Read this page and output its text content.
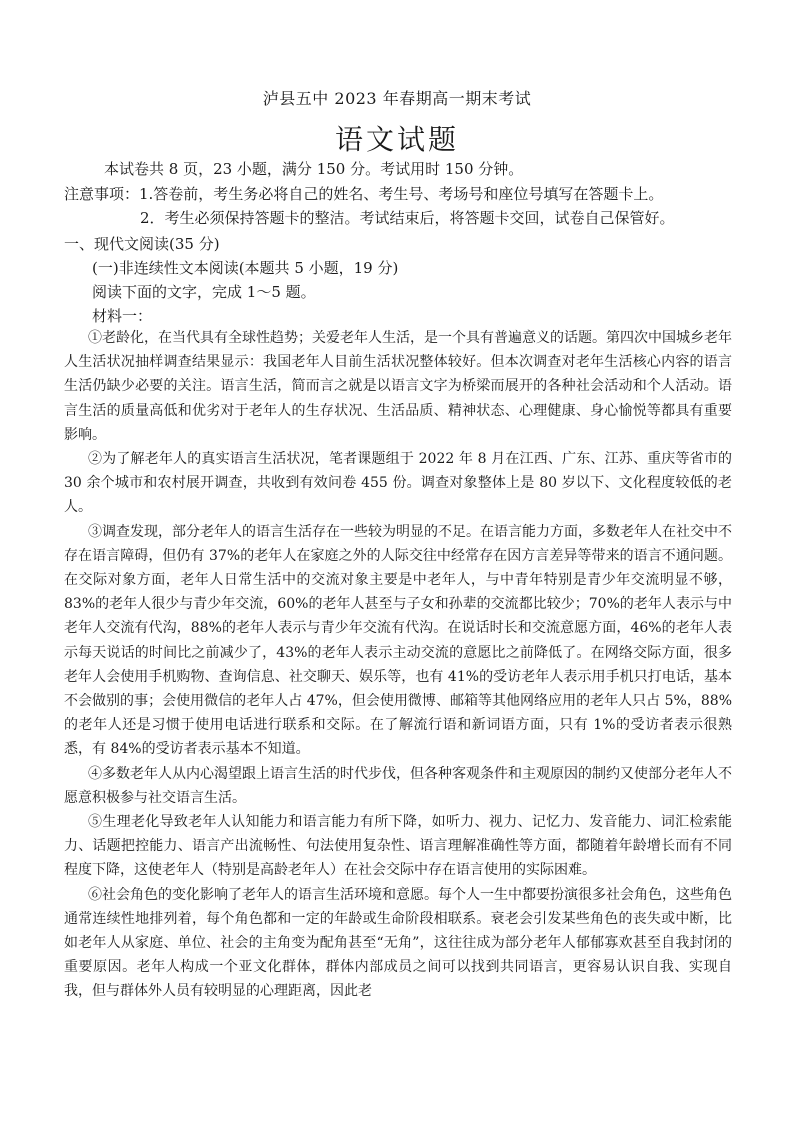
泸县五中 2023 年春期高一期末考试
语文试题
本试卷共 8 页，23 小题，满分 150 分。考试用时 150 分钟。
注意事项：1.答卷前，考生务必将自己的姓名、考生号、考场号和座位号填写在答题卡上。
2．考生必须保持答题卡的整洁。考试结束后，将答题卡交回，试卷自己保管好。
一、现代文阅读(35 分)
(一)非连续性文本阅读(本题共 5 小题，19 分)
阅读下面的文字，完成 1～5 题。
材料一：

①老龄化，在当代具有全球性趋势；关爱老年人生活，是一个具有普遍意义的话题。第四次中国城乡老年人生活状况抽样调查结果显示：我国老年人目前生活状况整体较好。但本次调查对老年生活核心内容的语言生活仍缺少必要的关注。语言生活，简而言之就是以语言文字为桥梁而展开的各种社会活动和个人活动。语言生活的质量高低和优劣对于老年人的生存状况、生活品质、精神状态、心理健康、身心愉悦等都具有重要影响。

②为了解老年人的真实语言生活状况，笔者课题组于 2022 年 8 月在江西、广东、江苏、重庆等省市的 30 余个城市和农村展开调查，共收到有效问卷 455 份。调查对象整体上是 80 岁以下、文化程度较低的老人。

③调查发现，部分老年人的语言生活存在一些较为明显的不足。在语言能力方面，多数老年人在社交中不存在语言障碍，但仍有 37%的老年人在家庭之外的人际交往中经常存在因方言差异等带来的语言不通问题。在交际对象方面，老年人日常生活中的交流对象主要是中老年人，与中青年特别是青少年交流明显不够，83%的老年人很少与青少年交流，60%的老年人甚至与子女和孙辈的交流都比较少；70%的老年人表示与中老年人交流有代沟，88%的老年人表示与青少年交流有代沟。在说话时长和交流意愿方面，46%的老年人表示每天说话的时间比之前减少了，43%的老年人表示主动交流的意愿比之前降低了。在网络交际方面，很多老年人会使用手机购物、查询信息、社交聊天、娱乐等，也有 41%的受访老年人表示用手机只打电话，基本不会做别的事；会使用微信的老年人占 47%，但会使用微博、邮箱等其他网络应用的老年人只占 5%，88%的老年人还是习惯于使用电话进行联系和交际。在了解流行语和新词语方面，只有 1%的受访者表示很熟悉，有 84%的受访者表示基本不知道。

④多数老年人从内心渴望跟上语言生活的时代步伐，但各种客观条件和主观原因的制约又使部分老年人不愿意积极参与社交语言生活。

⑤生理老化导致老年人认知能力和语言能力有所下降，如听力、视力、记忆力、发音能力、词汇检索能力、话题把控能力、语言产出流畅性、句法使用复杂性、语言理解准确性等方面，都随着年龄增长而有不同程度下降，这使老年人（特别是高龄老年人）在社会交际中存在语言使用的实际困难。

⑥社会角色的变化影响了老年人的语言生活环境和意愿。每个人一生中都要扮演很多社会角色，这些角色通常连续性地排列着，每个角色都和一定的年龄或生命阶段相联系。衰老会引发某些角色的丧失或中断，比如老年人从家庭、单位、社会的主角变为配角甚至“无角”，这往往成为部分老年人郁郁寡欢甚至自我封闭的重要原因。老年人构成一个亚文化群体，群体内部成员之间可以找到共同语言，更容易认识自我、实现自我，但与群体外人员有较明显的心理距离，因此老
